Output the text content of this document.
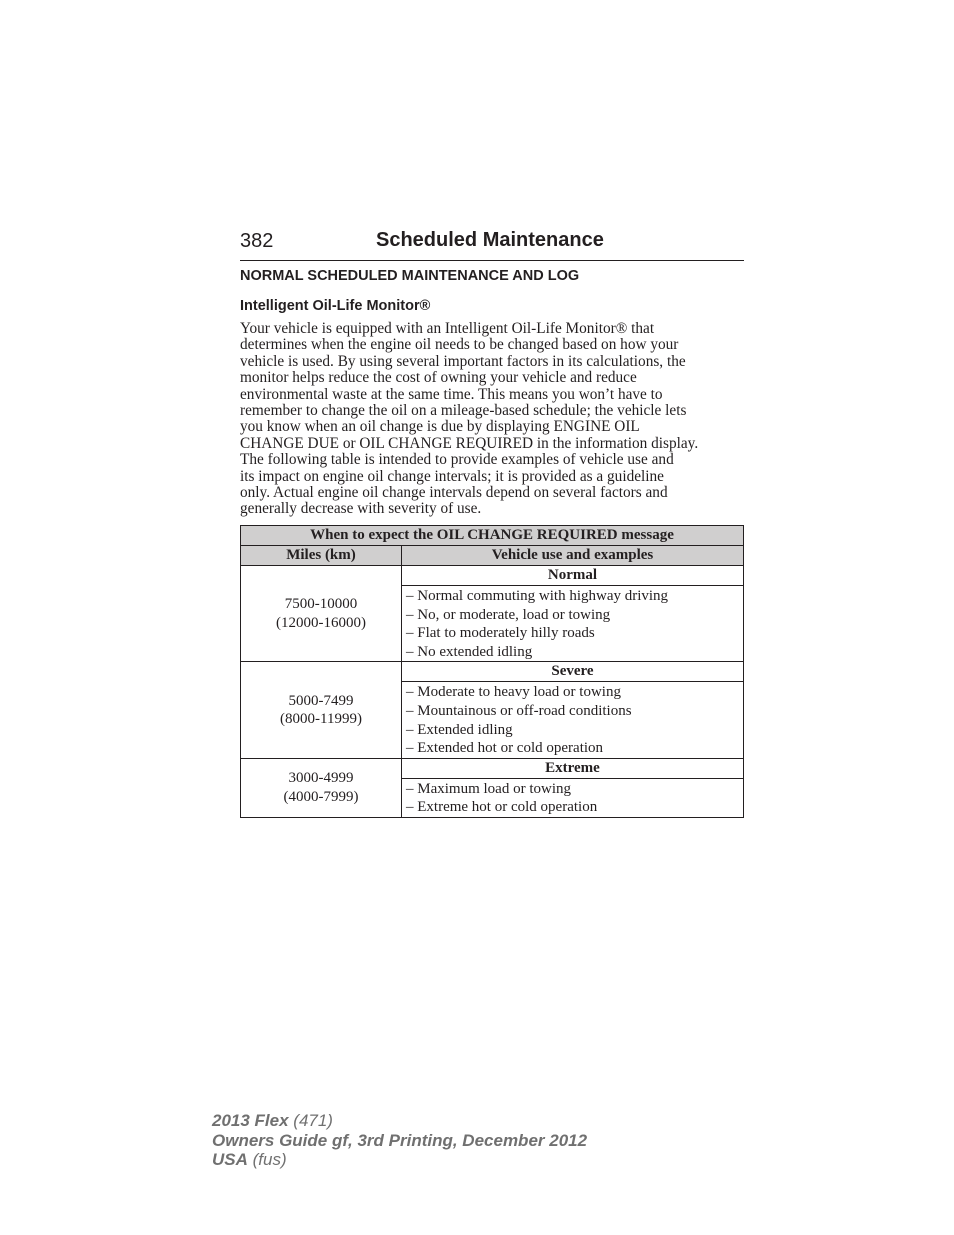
382	Scheduled Maintenance
NORMAL SCHEDULED MAINTENANCE AND LOG
Intelligent Oil-Life Monitor®

Your vehicle is equipped with an Intelligent Oil-Life Monitor® that

determines when the engine oil needs to be changed based on how your

vehicle is used. By using several important factors in its calculations, the

monitor helps reduce the cost of owning your vehicle and reduce

environmental waste at the same time. This means you won’t have to

remember to change the oil on a mileage-based schedule; the vehicle lets

you know when an oil change is due by displaying ENGINE OIL

CHANGE DUE or OIL CHANGE REQUIRED in the information display.

The following table is intended to provide examples of vehicle use and

its impact on engine oil change intervals; it is provided as a guideline

only. Actual engine oil change intervals depend on several factors and

generally decrease with severity of use.

When to expect the OIL CHANGE REQUIRED message	
Miles (km)	Vehicle use and examples

7500-10000
(12000-16000)	Normal

	– Normal commuting with highway driving
– No, or moderate, load or towing
– Flat to moderately hilly roads
– No extended idling

5000-7499
(8000-11999)	Severe

	– Moderate to heavy load or towing
– Mountainous or off-road conditions
– Extended idling
– Extended hot or cold operation

3000-4999
(4000-7999)	Extreme

	– Maximum load or towing
– Extreme hot or cold operation
2013 Flex (471)
Owners Guide gf, 3rd Printing, December 2012
USA (fus)
